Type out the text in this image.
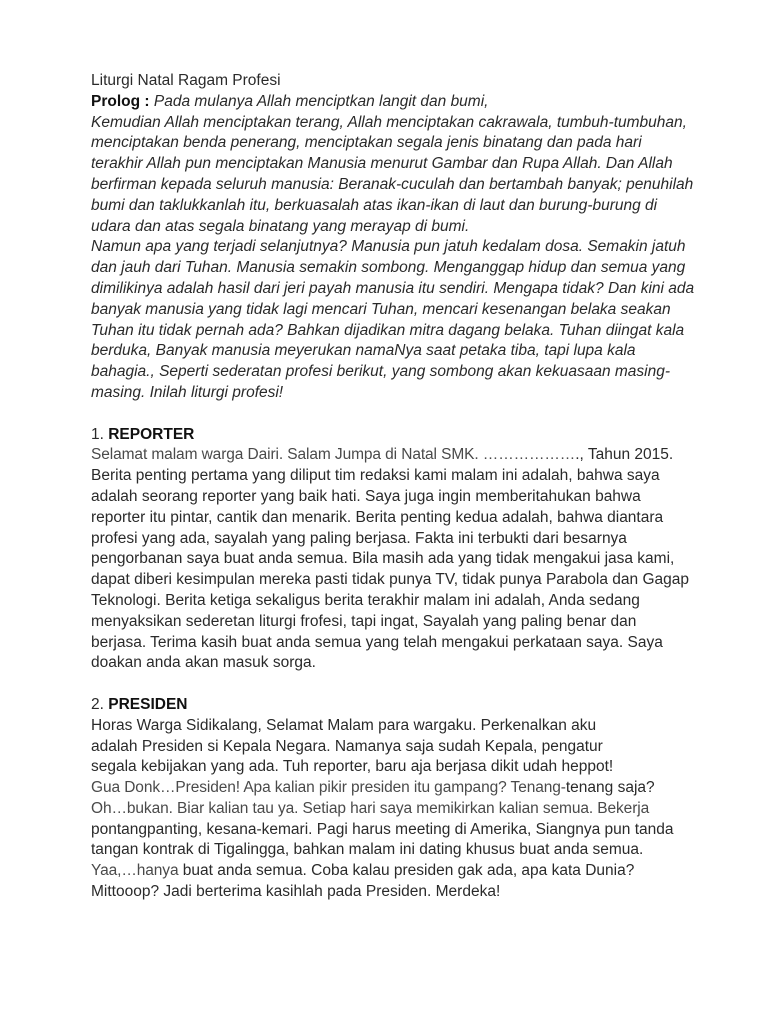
Liturgi Natal Ragam Profesi
Prolog : Pada mulanya Allah menciptkan langit dan bumi,
Kemudian Allah menciptakan terang, Allah menciptakan cakrawala, tumbuh-tumbuhan,
menciptakan benda penerang, menciptakan segala jenis binatang dan pada hari
terakhir Allah pun menciptakan Manusia menurut Gambar dan Rupa Allah. Dan Allah
berfirman kepada seluruh manusia: Beranak-cuculah dan bertambah banyak; penuhilah
bumi dan taklukkanlah itu, berkuasalah atas ikan-ikan di laut dan burung-burung di
udara dan atas segala binatang yang merayap di bumi.
Namun apa yang terjadi selanjutnya? Manusia pun jatuh kedalam dosa. Semakin jatuh
dan jauh dari Tuhan. Manusia semakin sombong. Menganggap hidup dan semua yang
dimilikinya adalah hasil dari jeri payah manusia itu sendiri. Mengapa tidak? Dan kini ada
banyak manusia yang tidak lagi mencari Tuhan, mencari kesenangan belaka seakan
Tuhan itu tidak pernah ada? Bahkan dijadikan mitra dagang belaka. Tuhan diingat kala
berduka, Banyak manusia meyerukan namaNya saat petaka tiba, tapi lupa kala
bahagia., Seperti sederatan profesi berikut, yang sombong akan kekuasaan masing-
masing. Inilah liturgi profesi!
1. REPORTER
Selamat malam warga Dairi. Salam Jumpa di Natal SMK. ………………., Tahun 2015.
Berita penting pertama yang diliput tim redaksi kami malam ini adalah, bahwa saya
adalah seorang reporter yang baik hati. Saya juga ingin memberitahukan bahwa
reporter itu pintar, cantik dan menarik. Berita penting kedua adalah, bahwa diantara
profesi yang ada, sayalah yang paling berjasa. Fakta ini terbukti dari besarnya
pengorbanan saya buat anda semua. Bila masih ada yang tidak mengakui jasa kami,
dapat diberi kesimpulan mereka pasti tidak punya TV, tidak punya Parabola dan Gagap
Teknologi. Berita ketiga sekaligus berita terakhir malam ini adalah, Anda sedang
menyaksikan sederetan liturgi frofesi, tapi ingat, Sayalah yang paling benar dan
berjasa. Terima kasih buat anda semua yang telah mengakui perkataan saya. Saya
doakan anda akan masuk sorga.
2. PRESIDEN
Horas Warga Sidikalang, Selamat Malam para wargaku. Perkenalkan aku
adalah Presiden si Kepala Negara. Namanya saja sudah Kepala, pengatur
segala kebijakan yang ada. Tuh reporter, baru aja berjasa dikit udah heppot!
Gua Donk…Presiden! Apa kalian pikir presiden itu gampang? Tenang-tenang saja?
Oh…bukan. Biar kalian tau ya. Setiap hari saya memikirkan kalian semua. Bekerja
pontangpanting, kesana-kemari. Pagi harus meeting di Amerika, Siangnya pun tanda
tangan kontrak di Tigalingga, bahkan malam ini dating khusus buat anda semua.
Yaa,…hanya buat anda semua. Coba kalau presiden gak ada, apa kata Dunia?
Mittooop? Jadi berterima kasihlah pada Presiden. Merdeka!
